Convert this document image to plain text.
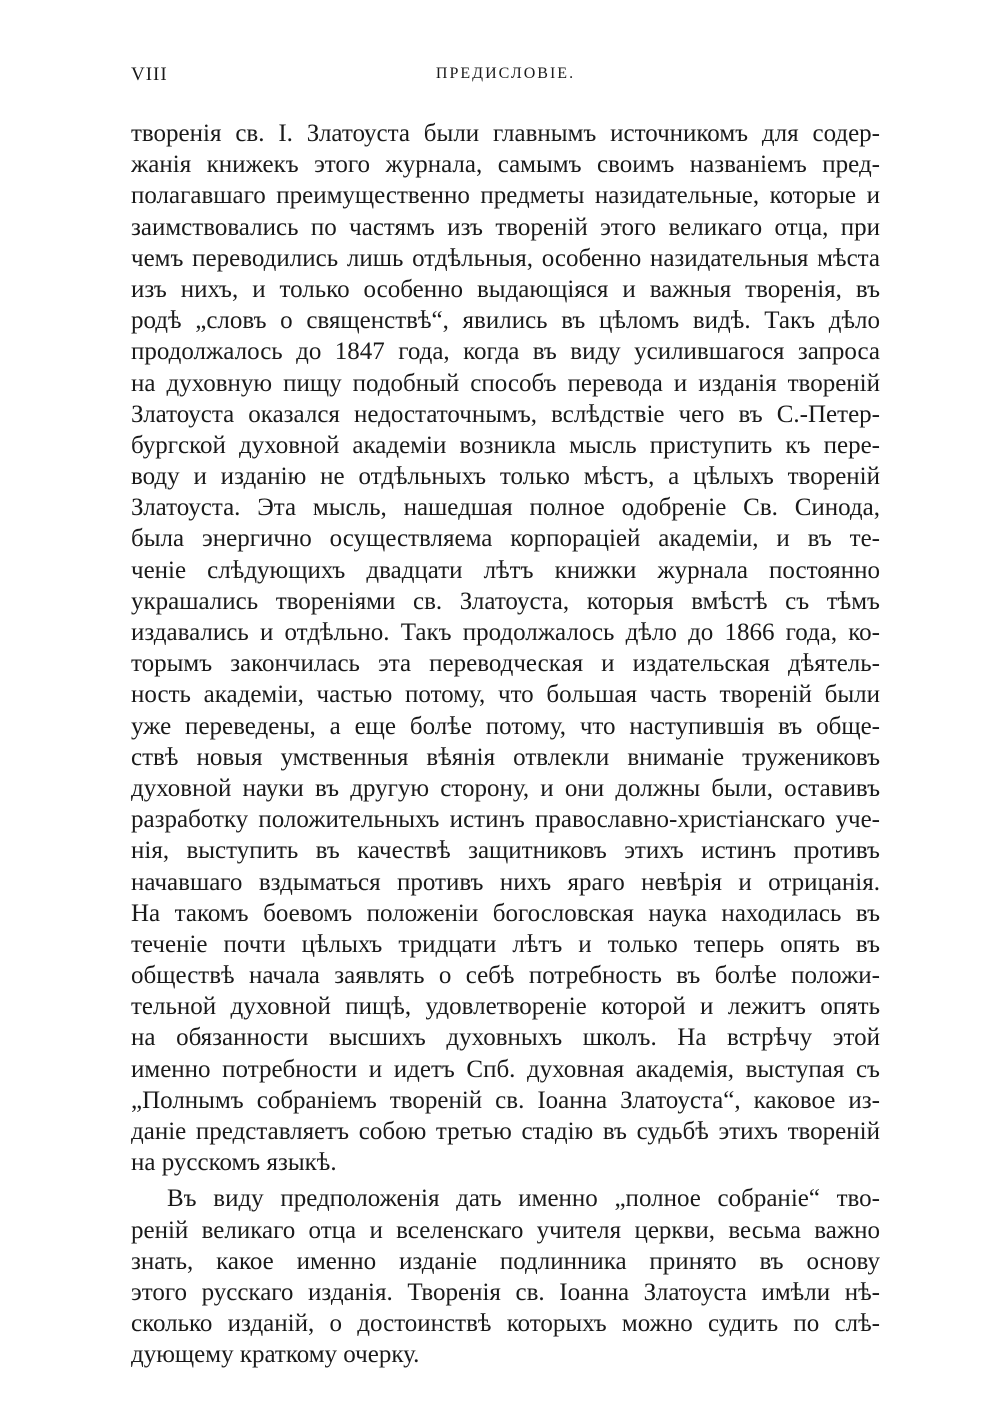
VIII	ПРЕДИСЛОВІЕ.
творенія св. І. Златоуста были главнымъ источникомъ для содер-
жанія книжекъ этого журнала, самымъ своимъ названіемъ пред-
полагавшаго преимущественно предметы назидательные, которые и
заимствовались по частямъ изъ твореній этого великаго отца, при
чемъ переводились лишь отдѣльныя, особенно назидательныя мѣста
изъ нихъ, и только особенно выдающіяся и важныя творенія, въ
родѣ „словъ о священствѣ“, явились въ цѣломъ видѣ. Такъ дѣло
продолжалось до 1847 года, когда въ виду усилившагося запроса
на духовную пищу подобный способъ перевода и изданія твореній
Златоуста оказался недостаточнымъ, вслѣдствіе чего въ С.-Петер-
бургской духовной академіи возникла мысль приступить къ пере-
воду и изданію не отдѣльныхъ только мѣстъ, а цѣлыхъ твореній
Златоуста. Эта мысль, нашедшая полное одобреніе Св. Синода,
была энергично осуществляема корпораціей академіи, и въ те-
ченіе слѣдующихъ двадцати лѣтъ книжки журнала постоянно
украшались твореніями св. Златоуста, которыя вмѣстѣ съ тѣмъ
издавались и отдѣльно. Такъ продолжалось дѣло до 1866 года, ко-
торымъ закончилась эта переводческая и издательская дѣятель-
ность академіи, частью потому, что большая часть твореній были
уже переведены, а еще болѣе потому, что наступившія въ обще-
ствѣ новыя умственныя вѣянія отвлекли вниманіе тружениковъ
духовной науки въ другую сторону, и они должны были, оставивъ
разработку положительныхъ истинъ православно-христіанскаго уче-
нія, выступить въ качествѣ защитниковъ этихъ истинъ противъ
начавшаго вздыматься противъ нихъ яраго невѣрія и отрицанія.
На такомъ боевомъ положеніи богословская наука находилась въ
теченіе почти цѣлыхъ тридцати лѣтъ и только теперь опять въ
обществѣ начала заявлять о себѣ потребность въ болѣе положи-
тельной духовной пищѣ, удовлетвореніе которой и лежитъ опять
на обязанности высшихъ духовныхъ школъ. На встрѣчу этой
именно потребности и идетъ Спб. духовная академія, выступая съ
„Полнымъ собраніемъ твореній св. Іоанна Златоуста“, каковое из-
даніе представляетъ собою третью стадію въ судьбѣ этихъ твореній
на русскомъ языкѣ.
Въ виду предположенія дать именно „полное собраніе“ тво-
реній великаго отца и вселенскаго учителя церкви, весьма важно
знать, какое именно изданіе подлинника принято въ основу
этого русскаго изданія. Творенія св. Іоанна Златоуста имѣли нѣ-
сколько изданій, о достоинствѣ которыхъ можно судить по слѣ-
дующему краткому очерку.
